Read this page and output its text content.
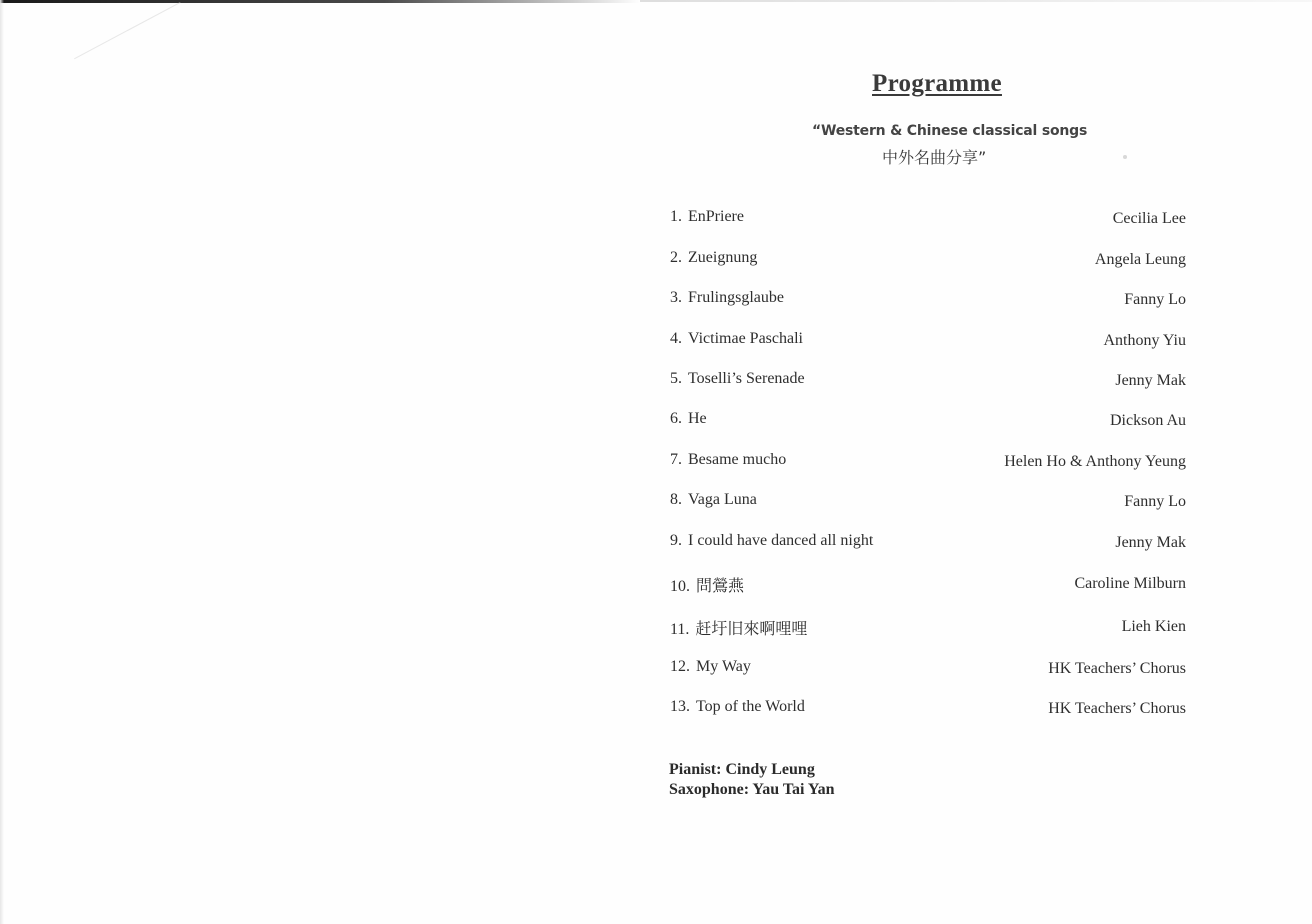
Programme
“Western & Chinese classical songs
中外名曲分享”
1. EnPriere	Cecilia Lee
2. Zueignung	Angela Leung
3. Frulingsglaube	Fanny Lo
4. Victimae Paschali	Anthony Yiu
5. Toselli’s Serenade	Jenny Mak
6. He	Dickson Au
7. Besame mucho	Helen Ho & Anthony Yeung
8. Vaga Luna	Fanny Lo
9. I could have danced all night	Jenny Mak
10. 問鶯燕	Caroline Milburn
11. 赶圩旧來啊哩哩	Lieh Kien
12. My Way	HK Teachers’ Chorus
13. Top of the World	HK Teachers’ Chorus
Pianist: Cindy Leung
Saxophone: Yau Tai Yan
